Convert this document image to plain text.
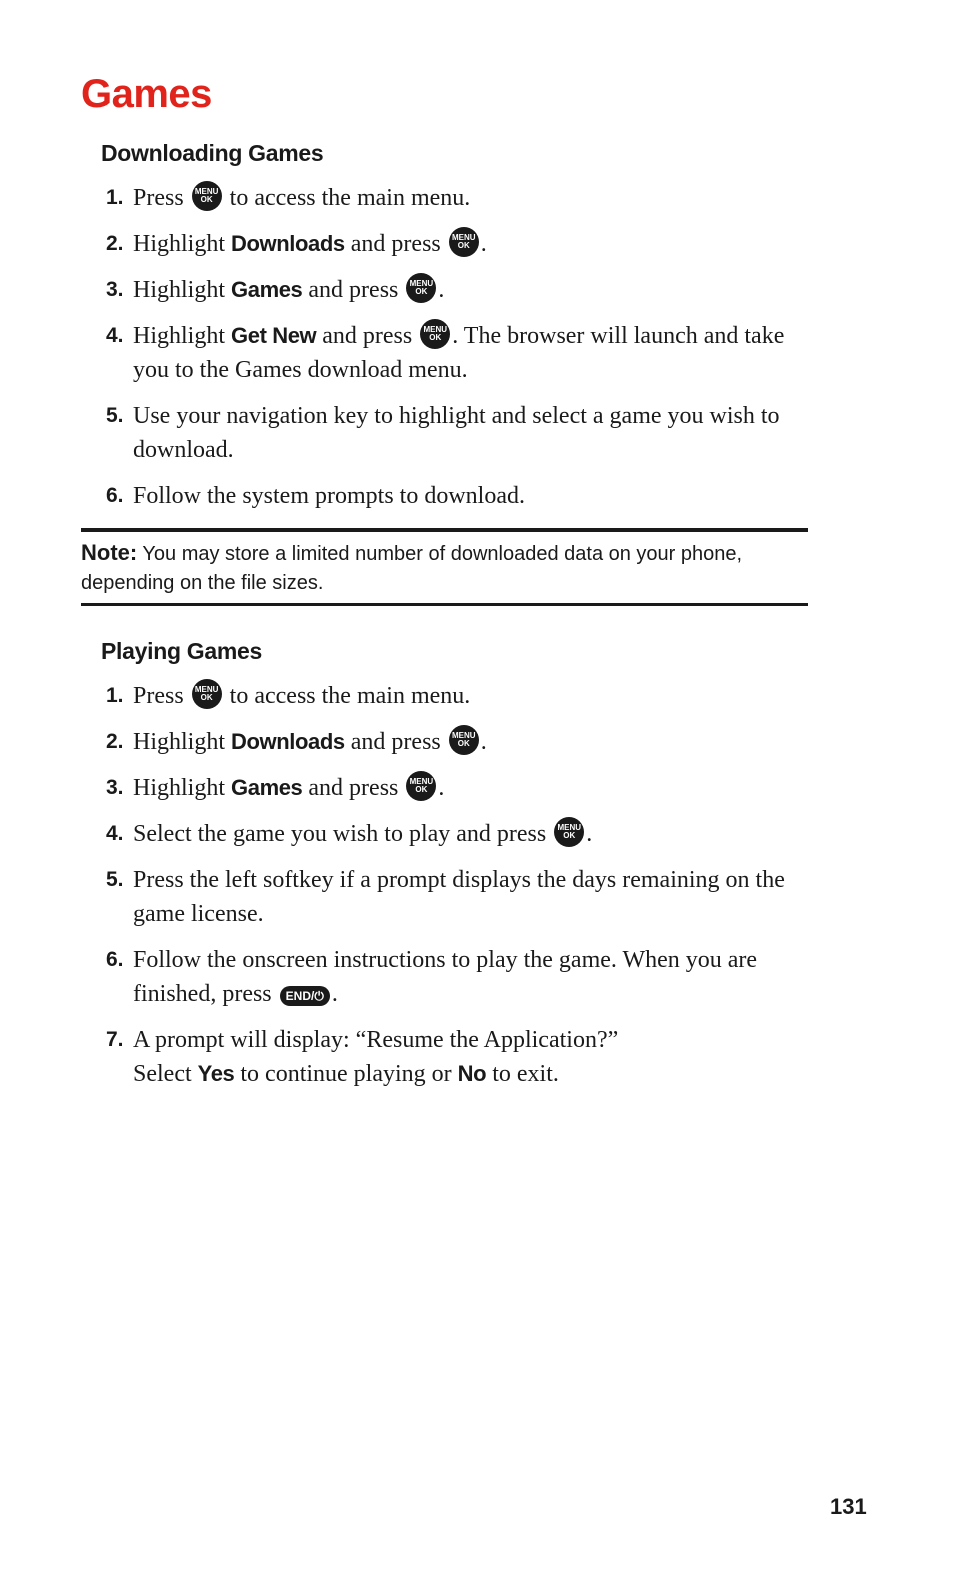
Games
Downloading Games
1. Press MENU
OK to access the main menu.
2. Highlight Downloads and press MENU
OK .
3. Highlight Games and press MENU
OK .
4. Highlight Get New and press MENU
OK . The browser will launch and take you to the Games download menu.
5. Use your navigation key to highlight and select a game you wish to download.
6. Follow the system prompts to download.

Note: You may store a limited number of downloaded data on your phone, depending on the file sizes.

Playing Games
1. Press MENU
OK to access the main menu.
2. Highlight Downloads and press MENU
OK .
3. Highlight Games and press MENU
OK .
4. Select the game you wish to play and press MENU
OK .
5. Press the left softkey if a prompt displays the days remaining on the game license.
6. Follow the onscreen instructions to play the game. When you are finished, press END/⏻ .
7. A prompt will display: “Resume the Application?”
Select Yes to continue playing or No to exit.
131
